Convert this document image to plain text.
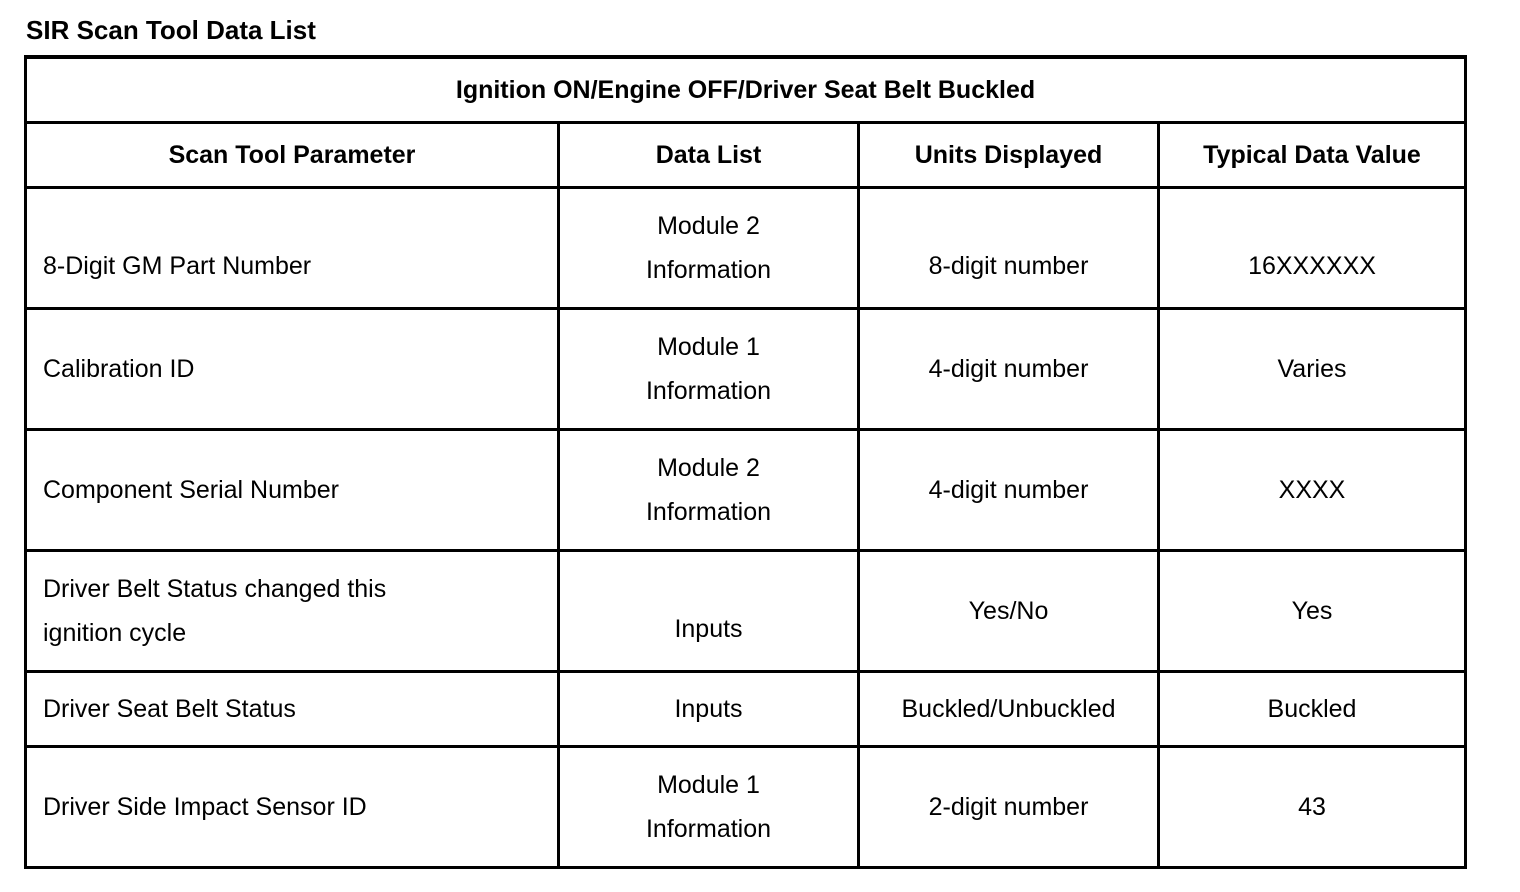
SIR Scan Tool Data List
Ignition ON/Engine OFF/Driver Seat Belt Buckled			
Scan Tool Parameter	Data List	Units Displayed	Typical Data Value

8-Digit GM Part Number	Module 2
Information	8-digit number	16XXXXXX

Calibration ID	Module 1
Information	4-digit number	Varies

Component Serial Number	Module 2
Information	4-digit number	XXXX

Driver Belt Status changed this
ignition cycle	Inputs	Yes/No	Yes

Driver Seat Belt Status	Inputs	Buckled/Unbuckled	Buckled

Driver Side Impact Sensor ID	Module 1
Information	2-digit number	43
